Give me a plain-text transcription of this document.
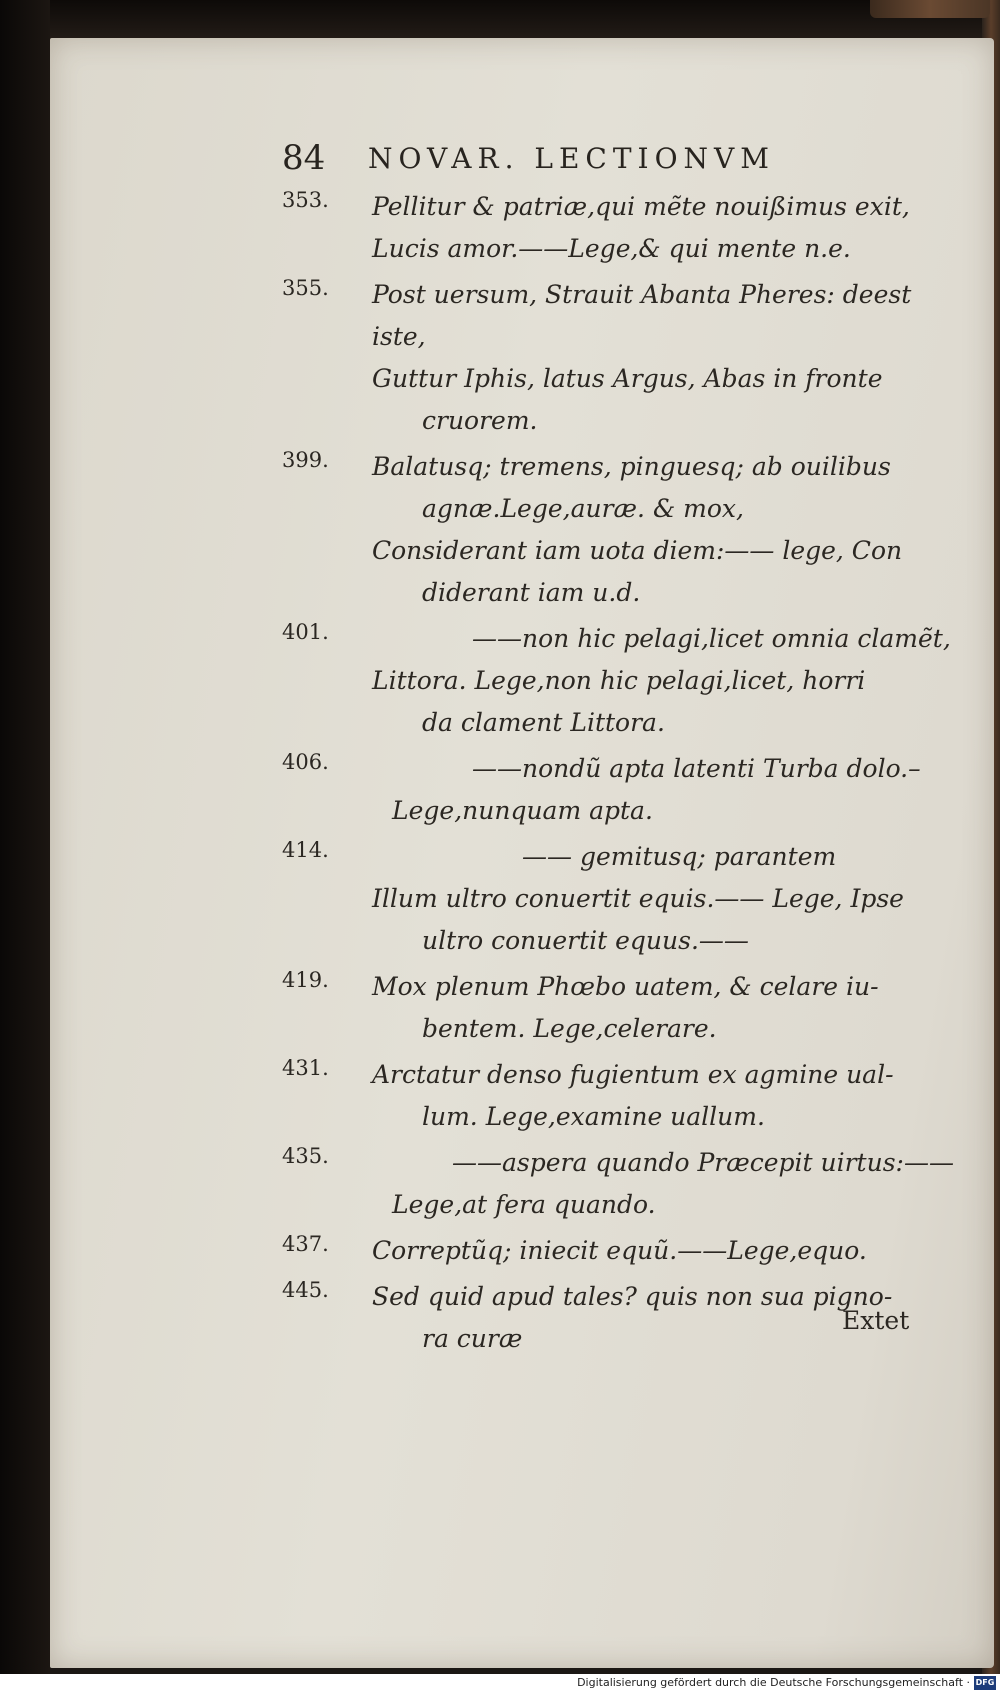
84 NOVAR. LECTIONVM
353.	Pellitur & patriæ,qui mẽte nouißimus exit,
Lucis amor.——Lege,& qui mente n.e.
355.	Post uersum, Strauit Abanta Pheres: deest
iste,
Guttur Iphis, latus Argus, Abas in fronte
cruorem.
399.	Balatusq; tremens, pinguesq; ab ouilibus
agnæ.Lege,auræ. & mox,
Considerant iam uota diem:—— lege, Con
diderant iam u.d.
401.	——non hic pelagi,licet omnia clamẽt,
Littora. Lege,non hic pelagi,licet, horri
da clament Littora.
406.	——nondũ apta latenti Turba dolo.–
Lege,nunquam apta.
414.	—— gemitusq; parantem
Illum ultro conuertit equis.—— Lege, Ipse
ultro conuertit equus.——
419.	Mox plenum Phœbo uatem, & celare iu-
bentem. Lege,celerare.
431.	Arctatur denso fugientum ex agmine ual-
lum. Lege,examine uallum.
435.	——aspera quando Præcepit uirtus:——
Lege,at fera quando.
437.	Correptũq; iniecit equũ.——Lege,equo.
445.	Sed quid apud tales? quis non sua pigno-
ra curæ
Extet
Digitalisierung gefördert durch die Deutsche Forschungsgemeinschaft · DFG
